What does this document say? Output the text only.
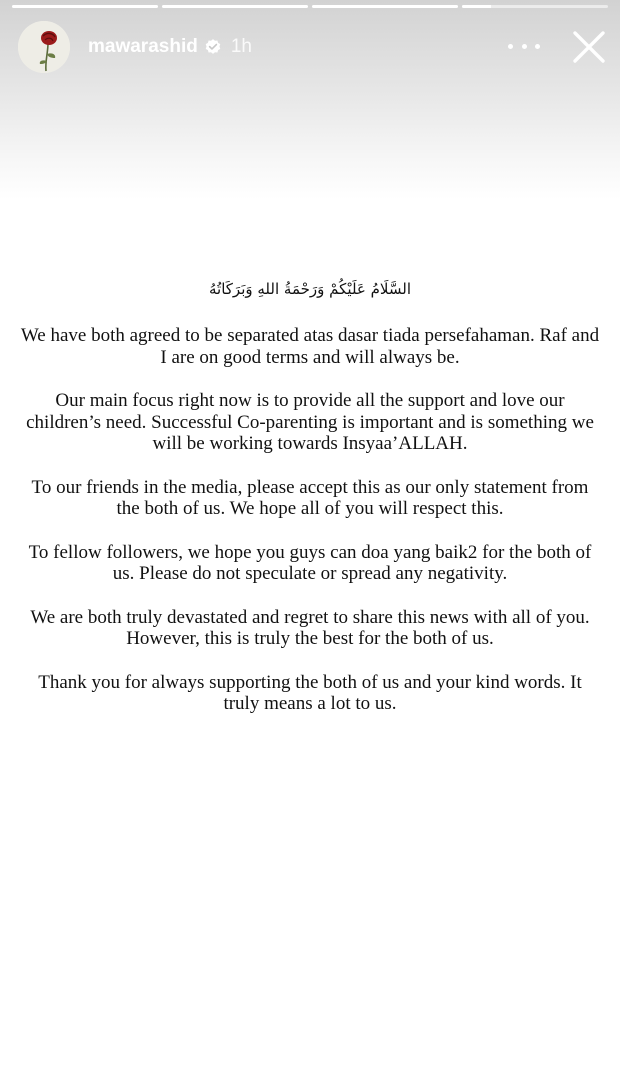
mawarashid 1h
السَّلَامُ عَلَيْكُمْ وَرَحْمَةُ اللهِ وَبَرَكَاتُهُ

We have both agreed to be separated atas dasar tiada persefahaman. Raf and I are on good terms and will always be.

Our main focus right now is to provide all the support and love our children’s need. Successful Co-parenting is important and is something we will be working towards Insyaa’ALLAH.

To our friends in the media, please accept this as our only statement from the both of us. We hope all of you will respect this.

To fellow followers, we hope you guys can doa yang baik2 for the both of us. Please do not speculate or spread any negativity.

We are both truly devastated and regret to share this news with all of you. However, this is truly the best for the both of us.

Thank you for always supporting the both of us and your kind words. It truly means a lot to us.
